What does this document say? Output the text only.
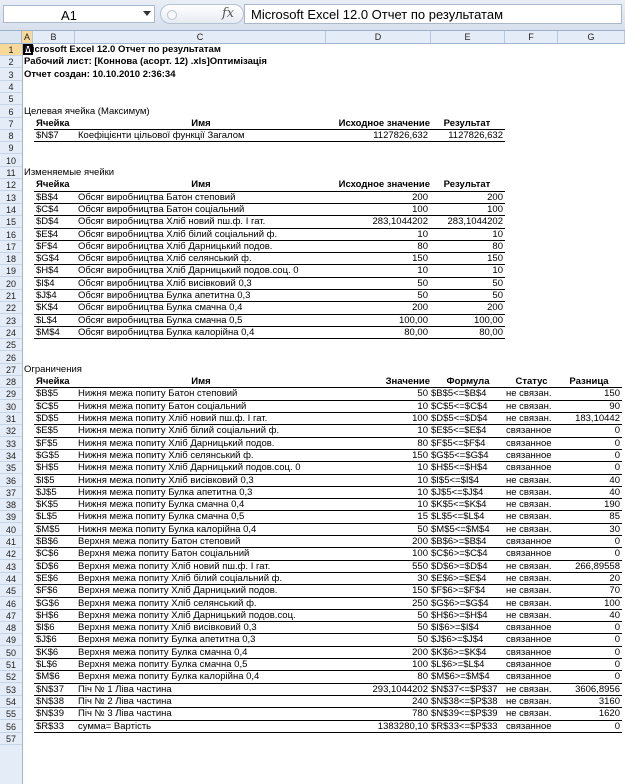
A1	fx Microsoft Excel 12.0 Отчет по результатам
A	B	C	D	E	F	G
1
2
3
4
5
6
7
8
9
10
11
12
13
14
15
16
17
18
19
20
21
22
23
24
25
26
27
28
29
30
31
32
33
34
35
36
37
38
39
40
41
42
43
44
45
46
47
48
49
50
51
52
53
54
55
56
57
Microsoft Excel 12.0 Отчет по результатам
Рабочий лист: [Коннова (асорт. 12) .xls]Оптимізація
Отчет создан: 10.10.2010 2:36:34
Целевая ячейка (Максимум)
Ячейка	Имя	Исходное значение	Результат
$N$7	Коефіцієнти цільової функції Загалом	1127826,632	1127826,632
Изменяемые ячейки
Ячейка	Имя	Исходное значение	Результат
$B$4	Обсяг виробництва Батон степовий	200	200
$C$4	Обсяг виробництва Батон соціальний	100	100
$D$4	Обсяг виробництва Хліб новий пш.ф. І гат.	283,1044202	283,1044202
$E$4	Обсяг виробництва Хліб білий соціальний ф.	10	10
$F$4	Обсяг виробництва Хліб Дарницький подов.	80	80
$G$4	Обсяг виробництва Хліб селянський ф.	150	150
$H$4	Обсяг виробництва Хліб Дарницький подов.соц. 0	10	10
$I$4	Обсяг виробництва Хліб висівковий 0,3	50	50
$J$4	Обсяг виробництва Булка апетитна 0,3	50	50
$K$4	Обсяг виробництва Булка смачна 0,4	200	200
$L$4	Обсяг виробництва Булка смачна 0,5	100,00	100,00
$M$4	Обсяг виробництва Булка калорійна 0,4	80,00	80,00
Ограничения
Ячейка	Имя	Значение	Формула	Статус	Разница
$B$5	Нижня межа попиту Батон степовий	50 $B$5<=$B$4	не связан.	150
$C$5	Нижня межа попиту Батон соціальний	10 $C$5<=$C$4	не связан.	90
$D$5	Нижня межа попиту Хліб новий пш.ф. І гат.	100 $D$5<=$D$4	не связан.	183,10442
$E$5	Нижня межа попиту Хліб білий соціальний ф.	10 $E$5<=$E$4	связанное	0
$F$5	Нижня межа попиту Хліб Дарницький подов.	80 $F$5<=$F$4	связанное	0
$G$5	Нижня межа попиту Хліб селянський ф.	150 $G$5<=$G$4	связанное	0
$H$5	Нижня межа попиту Хліб Дарницький подов.соц. 0	10 $H$5<=$H$4	связанное	0
$I$5	Нижня межа попиту Хліб висівковий 0,3	10 $I$5<=$I$4	не связан.	40
$J$5	Нижня межа попиту Булка апетитна 0,3	10 $J$5<=$J$4	не связан.	40
$K$5	Нижня межа попиту Булка смачна 0,4	10 $K$5<=$K$4	не связан.	190
$L$5	Нижня межа попиту Булка смачна 0,5	15 $L$5<=$L$4	не связан.	85
$M$5	Нижня межа попиту Булка калорійна 0,4	50 $M$5<=$M$4	не связан.	30
$B$6	Верхня межа попиту Батон степовий	200 $B$6>=$B$4	связанное	0
$C$6	Верхня межа попиту Батон соціальний	100 $C$6>=$C$4	связанное	0
$D$6	Верхня межа попиту Хліб новий пш.ф. І гат.	550 $D$6>=$D$4	не связан.	266,89558
$E$6	Верхня межа попиту Хліб білий соціальний ф.	30 $E$6>=$E$4	не связан.	20
$F$6	Верхня межа попиту Хліб Дарницький подов.	150 $F$6>=$F$4	не связан.	70
$G$6	Верхня межа попиту Хліб селянський ф.	250 $G$6>=$G$4	не связан.	100
$H$6	Верхня межа попиту Хліб Дарницький подов.соц.	50 $H$6>=$H$4	не связан.	40
$I$6	Верхня межа попиту Хліб висівковий 0,3	50 $I$6>=$I$4	связанное	0
$J$6	Верхня межа попиту Булка апетитна 0,3	50 $J$6>=$J$4	связанное	0
$K$6	Верхня межа попиту Булка смачна 0,4	200 $K$6>=$K$4	связанное	0
$L$6	Верхня межа попиту Булка смачна 0,5	100 $L$6>=$L$4	связанное	0
$M$6	Верхня межа попиту Булка калорійна 0,4	80 $M$6>=$M$4	связанное	0
$N$37	Піч № 1 Ліва частина	293,1044202 $N$37<=$P$37 не связан.	3606,8956
$N$38	Піч № 2 Ліва частина	240 $N$38<=$P$38 не связан.	3160
$N$39	Піч № 3 Ліва частина	780 $N$39<=$P$39 не связан.	1620
$R$33	сумма= Вартість	1383280,10 $R$33<=$P$33 связанное	0
